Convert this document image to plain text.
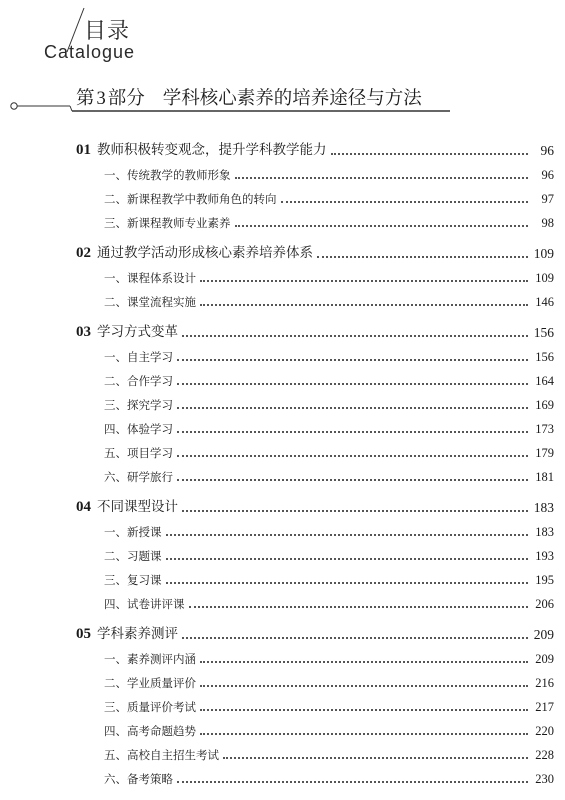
目录
Catalogue
第 3 部分 学科核心素养的培养途径与方法
01 教师积极转变观念，提升学科教学能力	96
一、传统教学的教师形象	96
二、新课程教学中教师角色的转向	97
三、新课程教师专业素养	98
02 通过教学活动形成核心素养培养体系	109
一、课程体系设计	109
二、课堂流程实施	146
03 学习方式变革	156
一、自主学习	156
二、合作学习	164
三、探究学习	169
四、体验学习	173
五、项目学习	179
六、研学旅行	181
04 不同课型设计	183
一、新授课	183
二、习题课	193
三、复习课	195
四、试卷讲评课	206
05 学科素养测评	209
一、素养测评内涵	209
二、学业质量评价	216
三、质量评价考试	217
四、高考命题趋势	220
五、高校自主招生考试	228
六、备考策略	230
